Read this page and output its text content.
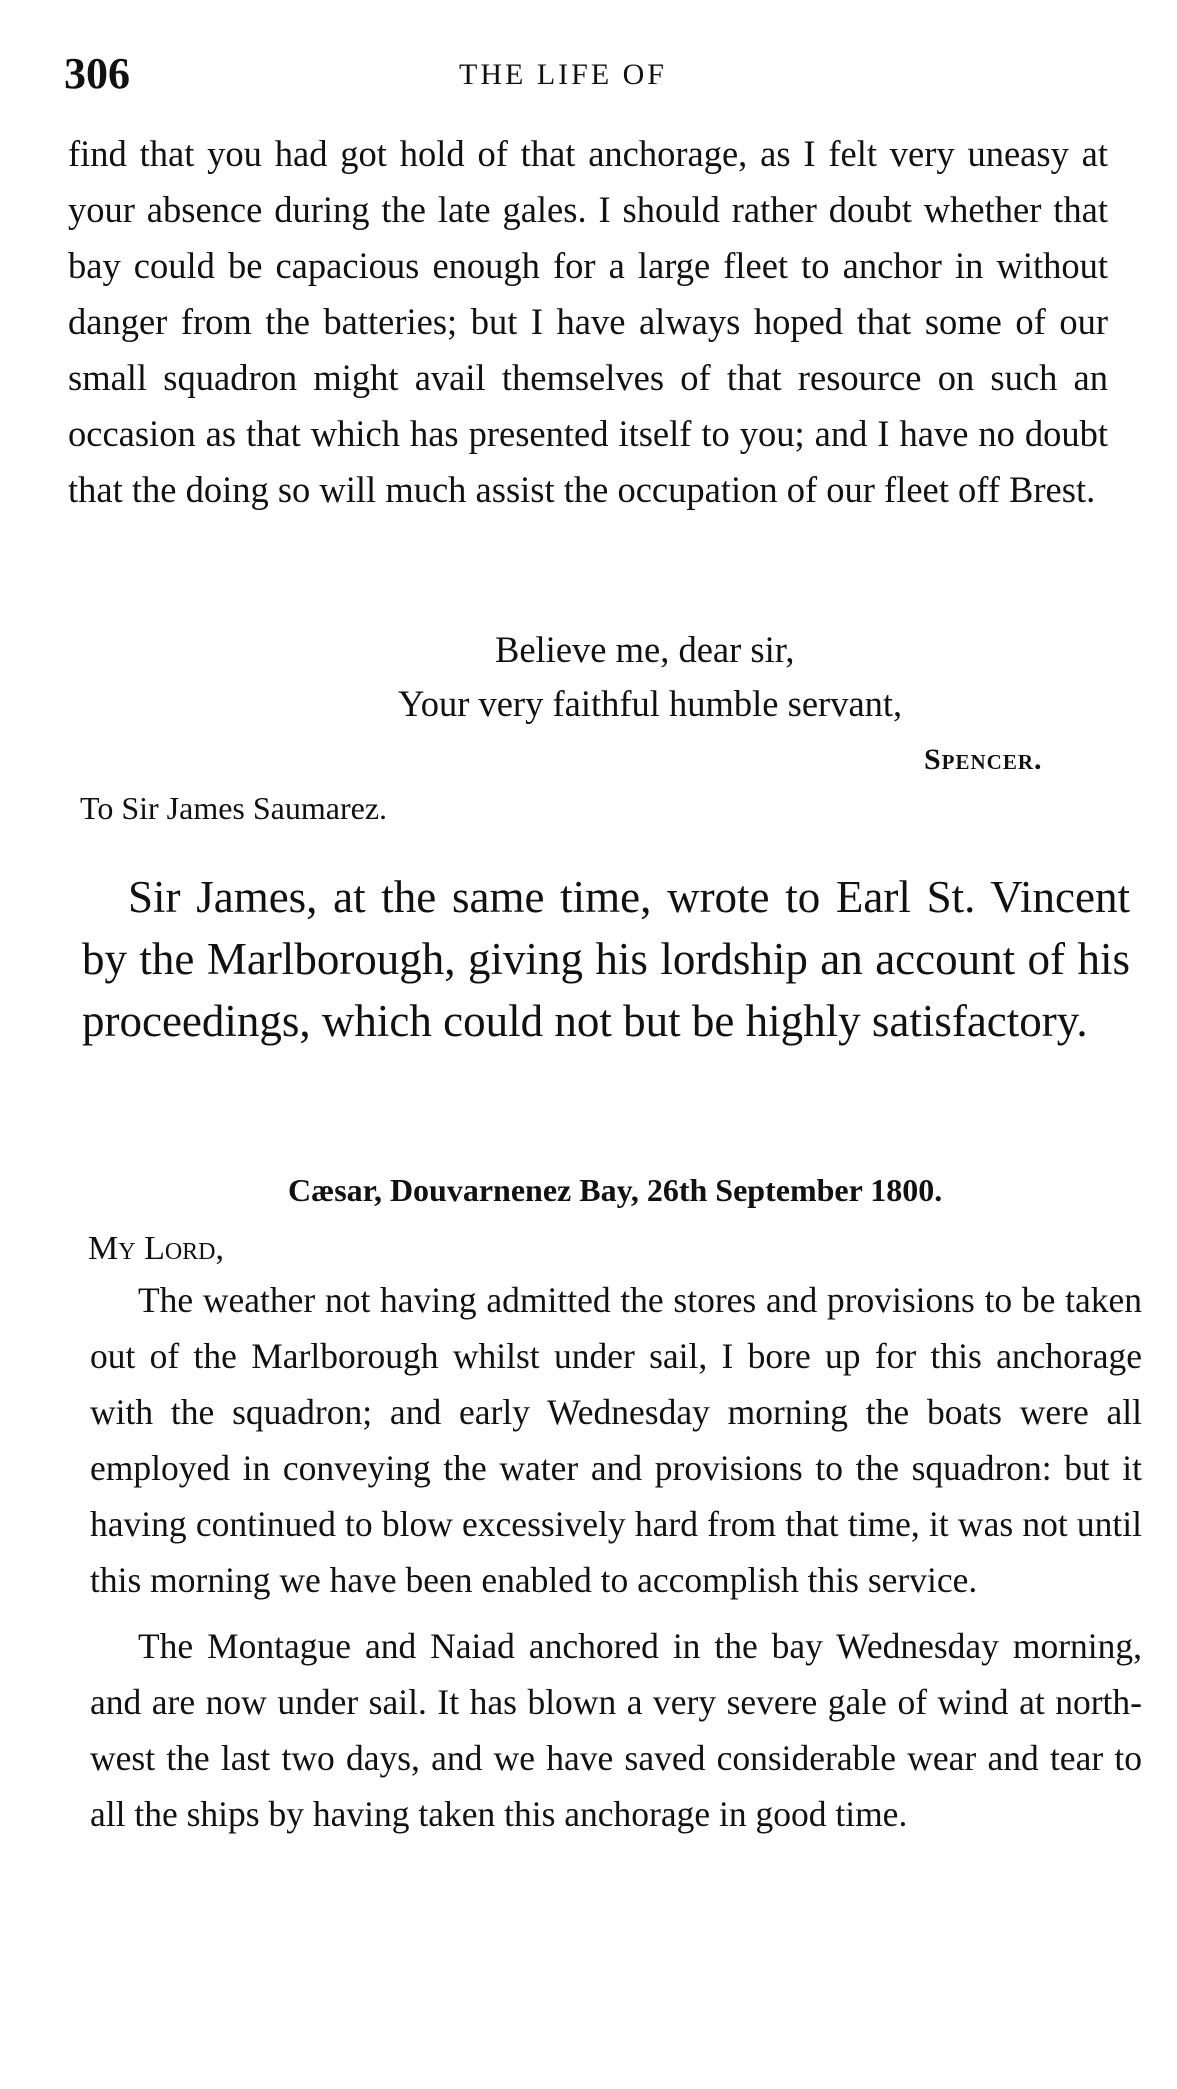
306	THE LIFE OF
find that you had got hold of that anchorage, as I felt very uneasy at your absence during the late gales. I should rather doubt whether that bay could be capacious enough for a large fleet to anchor in without danger from the batteries; but I have always hoped that some of our small squadron might avail themselves of that resource on such an occasion as that which has presented itself to you; and I have no doubt that the doing so will much assist the occupation of our fleet off Brest.
Believe me, dear sir,
Your very faithful humble servant,
Spencer.
To Sir James Saumarez.
Sir James, at the same time, wrote to Earl St. Vincent by the Marlborough, giving his lordship an account of his proceedings, which could not but be highly satisfactory.
Cæsar, Douvarnenez Bay, 26th September 1800.
My Lord,

The weather not having admitted the stores and provisions to be taken out of the Marlborough whilst under sail, I bore up for this anchorage with the squadron; and early Wednesday morning the boats were all employed in conveying the water and provisions to the squadron: but it having continued to blow excessively hard from that time, it was not until this morning we have been enabled to accomplish this service.

The Montague and Naiad anchored in the bay Wednesday morning, and are now under sail. It has blown a very severe gale of wind at north-west the last two days, and we have saved considerable wear and tear to all the ships by having taken this anchorage in good time.
